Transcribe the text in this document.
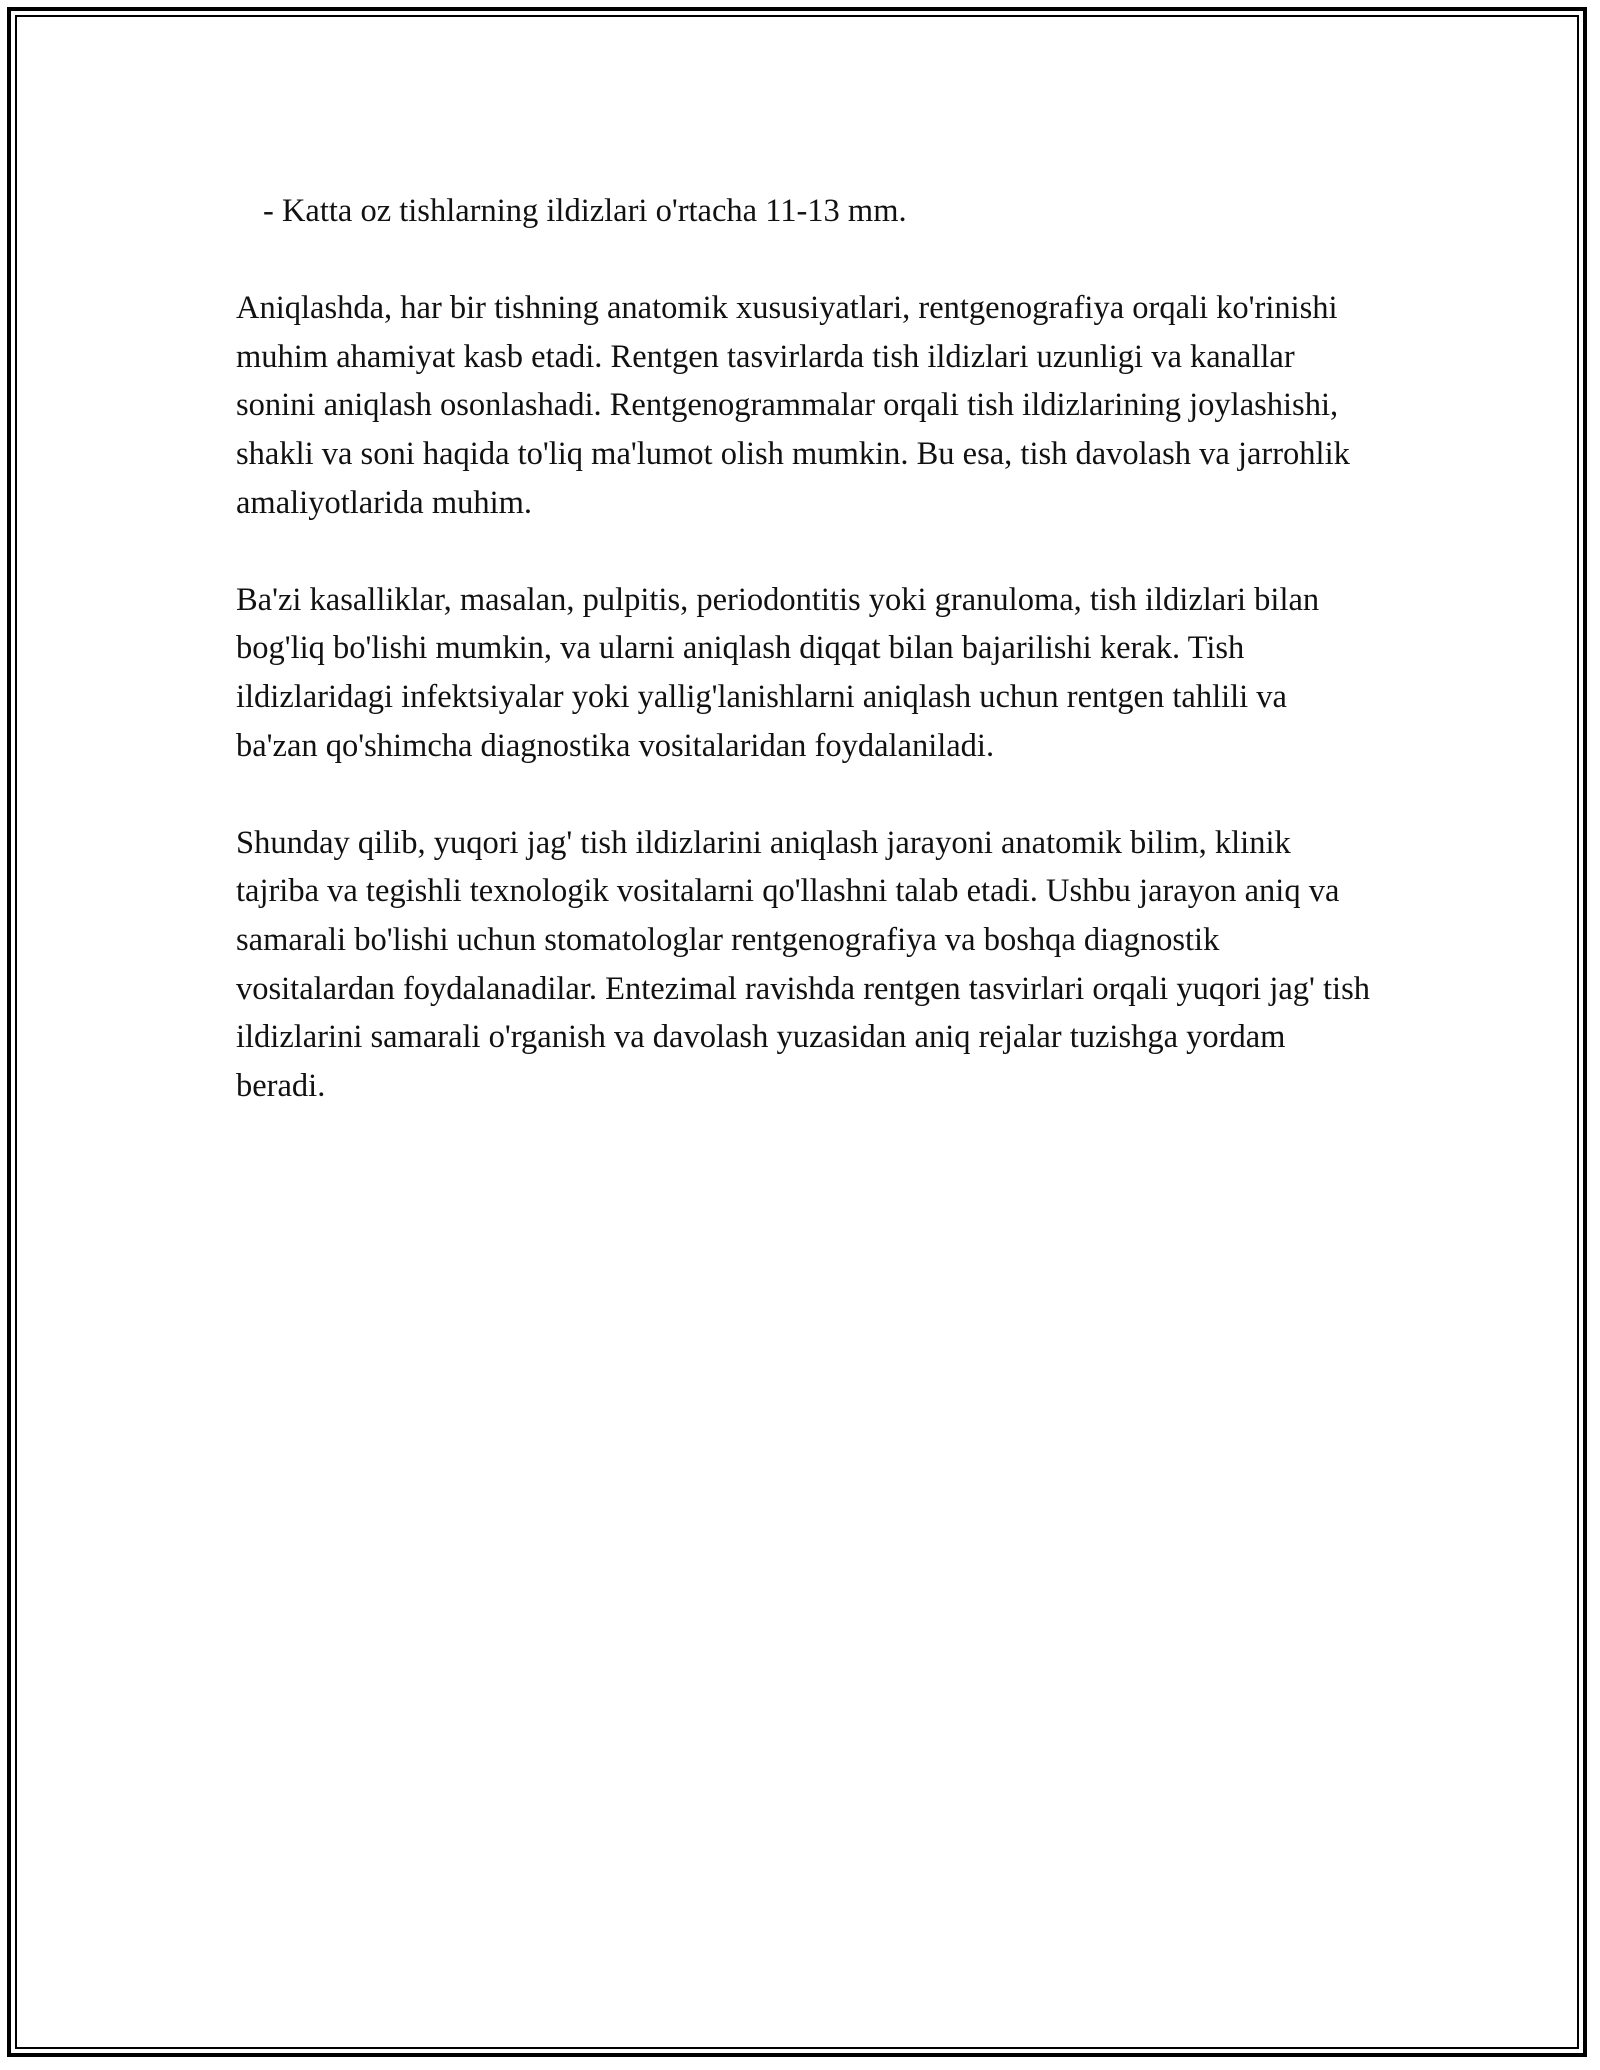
- Katta oz tishlarning ildizlari o'rtacha 11-13 mm.

Aniqlashda, har bir tishning anatomik xususiyatlari, rentgenografiya orqali ko'rinishi muhim ahamiyat kasb etadi. Rentgen tasvirlarda tish ildizlari uzunligi va kanallar sonini aniqlash osonlashadi. Rentgenogrammalar orqali tish ildizlarining joylashishi, shakli va soni haqida to'liq ma'lumot olish mumkin. Bu esa, tish davolash va jarrohlik amaliyotlarida muhim.

Ba'zi kasalliklar, masalan, pulpitis, periodontitis yoki granuloma, tish ildizlari bilan bog'liq bo'lishi mumkin, va ularni aniqlash diqqat bilan bajarilishi kerak. Tish ildizlaridagi infektsiyalar yoki yallig'lanishlarni aniqlash uchun rentgen tahlili va ba'zan qo'shimcha diagnostika vositalaridan foydalaniladi.

Shunday qilib, yuqori jag' tish ildizlarini aniqlash jarayoni anatomik bilim, klinik tajriba va tegishli texnologik vositalarni qo'llashni talab etadi. Ushbu jarayon aniq va samarali bo'lishi uchun stomatologlar rentgenografiya va boshqa diagnostik vositalardan foydalanadilar. Entezimal ravishda rentgen tasvirlari orqali yuqori jag' tish ildizlarini samarali o'rganish va davolash yuzasidan aniq rejalar tuzishga yordam beradi.
